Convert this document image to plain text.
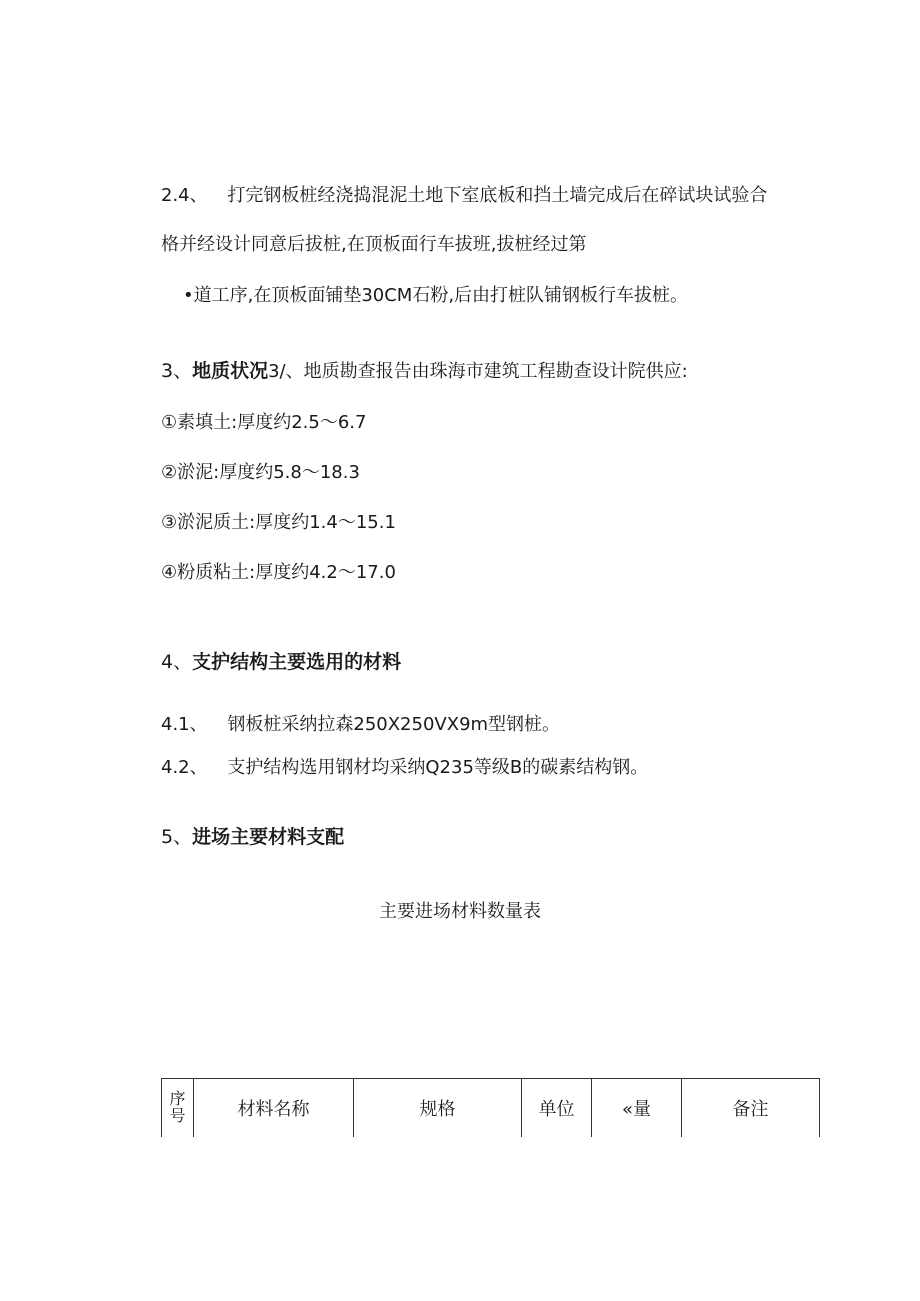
2.4、 打完钢板桩经浇捣混泥土地下室底板和挡土墙完成后在碎试块试验合
格并经设计同意后拔桩,在顶板面行车拔班,拔桩经过第
•道工序,在顶板面铺垫30CM石粉,后由打桩队铺钢板行车拔桩。
3、地质状况3/、地质勘查报告由珠海市建筑工程勘查设计院供应:
①素填土:厚度约2.5〜6.7
②淤泥:厚度约5.8〜18.3
③淤泥质土:厚度约1.4〜15.1
④粉质粘土:厚度约4.2〜17.0
4、支护结构主要选用的材料
4.1、 钢板桩采纳拉森250X250VX9m型钢桩。
4.2、 支护结构选用钢材均采纳Q235等级B的碳素结构钢。
5、进场主要材料支配
主要进场材料数量表
序号	材料名称	规格	单位	«量	备注
